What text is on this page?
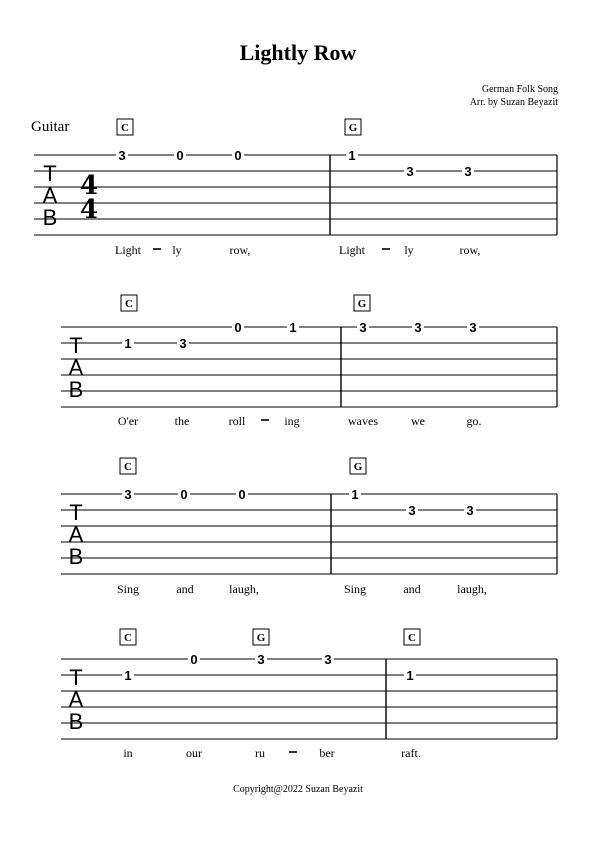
Lightly Row
German Folk Song
Arr. by Suzan Beyazit
Guitar
T
A
B
4
4
C	G
3	0	0	1
3	3
Light	ly	row,	Light	ly	row,
T
A
B
C	G
1	3
0	1	3	3	3
O'er	the	roll	ing	waves	we	go.
T
A
B
C	G
3	0	0	1
3	3
Sing	and	laugh,	Sing	and	laugh,
T
A
B
C	G	C
1
0	3	3
1
in	our	ru	ber	raft.
Copyright@2022 Suzan Beyazit
